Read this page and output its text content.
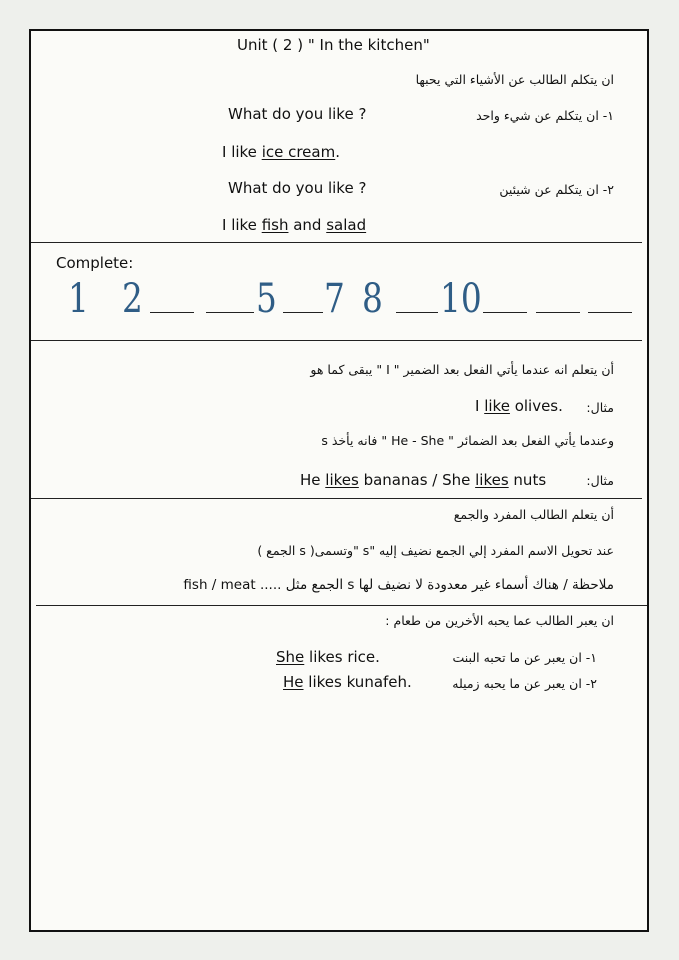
Unit ( 2 ) " In the kitchen"
ان يتكلم الطالب عن الأشياء التي يحبها
What do you like ?	١- ان يتكلم عن شيء واحد
I like ice cream.
What do you like ?	٢- ان يتكلم عن شيئين
I like fish and salad
Complete:
1 2	5 7 8 10
أن يتعلم انه عندما يأتي الفعل بعد الضمير " I " يبقى كما هو
I like olives. مثال:
وعندما يأتي الفعل بعد الضمائر " He - She " فانه يأخذ s
He likes bananas / She likes nuts	مثال:
أن يتعلم الطالب المفرد والجمع
عند تحويل الاسم المفرد إلي الجمع نضيف إليه "s "وتسمى( s الجمع )
ملاحظة / هناك أسماء غير معدودة لا نضيف لها s الجمع مثل ..... fish / meat
ان يعبر الطالب عما يحبه الأخرين من طعام :
She likes rice.	١- ان يعبر عن ما تحبه البنت
He likes kunafeh.	٢- ان يعبر عن ما يحبه زميله
